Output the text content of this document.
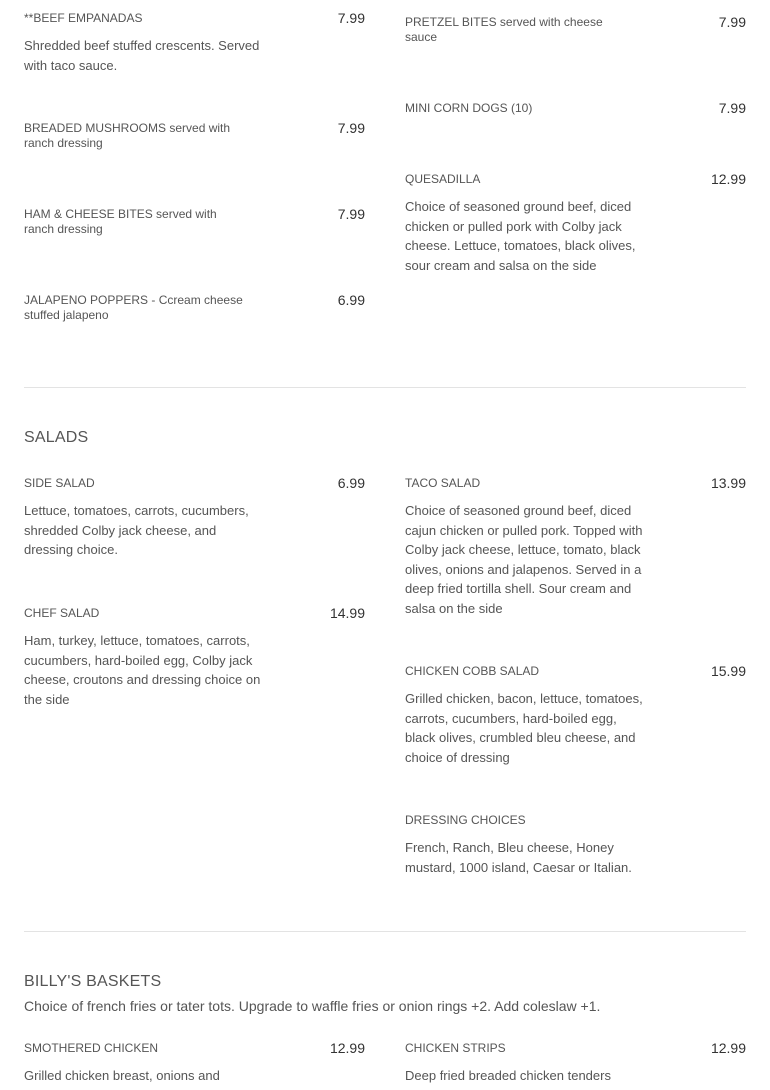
**BEEF EMPANADAS
Shredded beef stuffed crescents. Served with taco sauce.
7.99
BREADED MUSHROOMS served with ranch dressing
7.99
HAM & CHEESE BITES served with ranch dressing
7.99
JALAPENO POPPERS - Ccream cheese stuffed jalapeno
6.99
PRETZEL BITES served with cheese sauce
7.99
MINI CORN DOGS (10)	7.99
QUESADILLA
Choice of seasoned ground beef, diced chicken or pulled pork with Colby jack cheese. Lettuce, tomatoes, black olives, sour cream and salsa on the side
12.99
SALADS
SIDE SALAD
Lettuce, tomatoes, carrots, cucumbers, shredded Colby jack cheese, and dressing choice.
6.99
CHEF SALAD
Ham, turkey, lettuce, tomatoes, carrots, cucumbers, hard-boiled egg, Colby jack cheese, croutons and dressing choice on the side
14.99
TACO SALAD
Choice of seasoned ground beef, diced cajun chicken or pulled pork. Topped with Colby jack cheese, lettuce, tomato, black olives, onions and jalapenos. Served in a deep fried tortilla shell. Sour cream and salsa on the side
13.99
CHICKEN COBB SALAD
Grilled chicken, bacon, lettuce, tomatoes, carrots, cucumbers, hard-boiled egg, black olives, crumbled bleu cheese, and choice of dressing
15.99
DRESSING CHOICES
French, Ranch, Bleu cheese, Honey mustard, 1000 island, Caesar or Italian.
BILLY'S BASKETS
Choice of french fries or tater tots. Upgrade to waffle fries or onion rings +2. Add coleslaw +1.
SMOTHERED CHICKEN
Grilled chicken breast, onions and
12.99	CHICKEN STRIPS
Deep fried breaded chicken tenders
12.99
